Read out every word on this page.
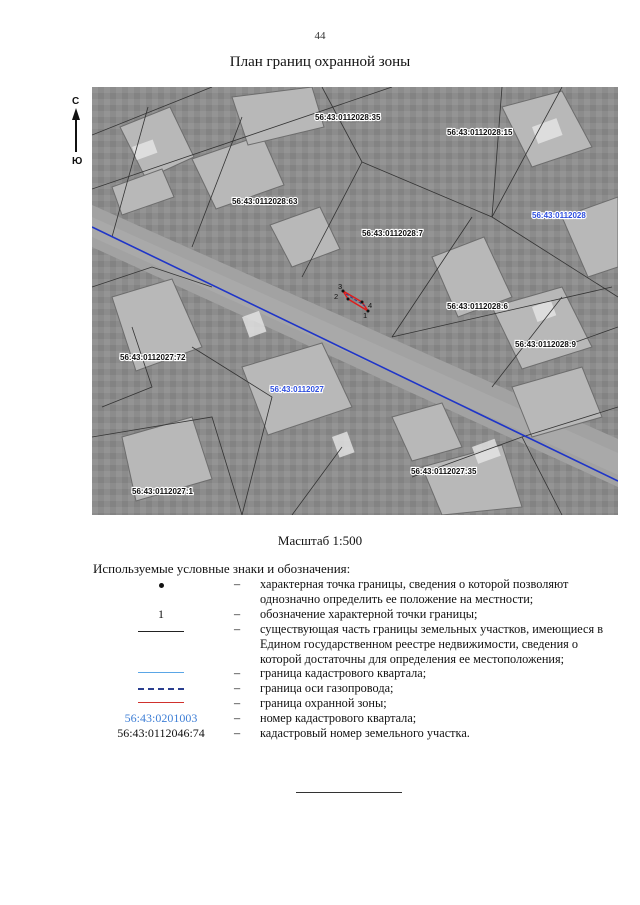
44
План границ охранной зоны
С
Ю
3
2
4
1
56:43:0112028:35
56:43:0112028:15
56:43:0112028:63
56:43:0112028:7
56:43:0112028:6
56:43:0112028:9
56:43:0112027:72
56:43:0112027:35
56:43:0112027:1
56:43:0112028
56:43:0112027
Масштаб 1:500
Используемые условные знаки и обозначения:
–	характерная точка границы, сведения о которой позволяют однозначно определить ее положение на местности;
1	–	обозначение характерной точки границы;
–	существующая часть границы земельных участков, имеющиеся в Едином государственном реестре недвижимости, сведения о которой достаточны для определения ее местоположения;
–	граница кадастрового квартала;
–	граница оси газопровода;
–	граница охранной зоны;
56:43:0201003	–	номер кадастрового квартала;
56:43:0112046:74 –	кадастровый номер земельного участка.
